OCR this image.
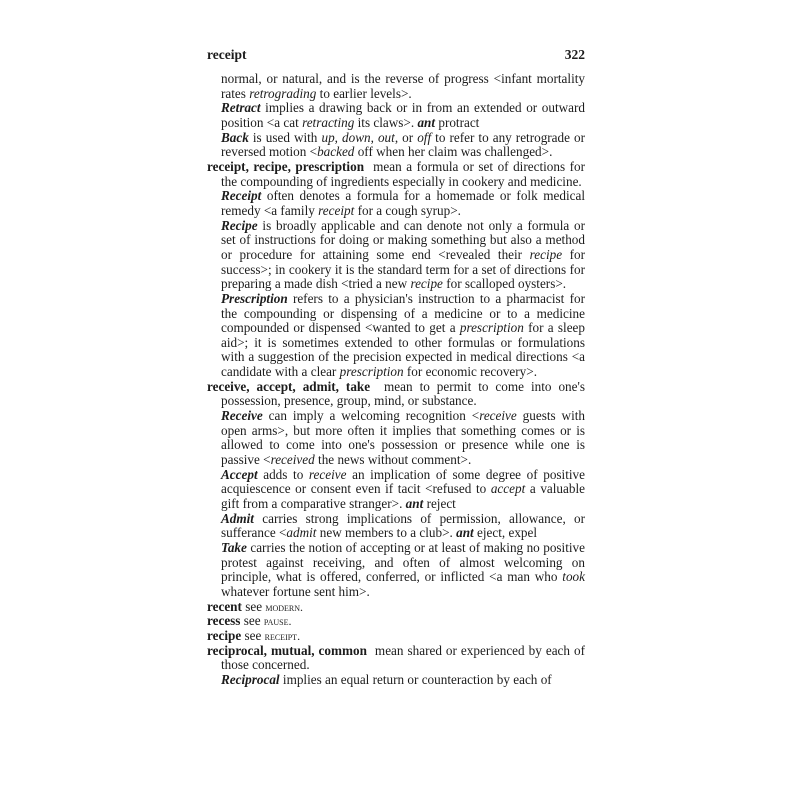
receipt	322

normal, or natural, and is the reverse of progress <infant mortality rates retrograding to earlier levels>.

Retract implies a drawing back or in from an extended or outward position <a cat retracting its claws>. ant protract

Back is used with up, down, out, or off to refer to any retrograde or reversed motion <backed off when her claim was challenged>.

receipt, recipe, prescription  mean a formula or set of directions for the compounding of ingredients especially in cookery and medicine.

Receipt often denotes a formula for a homemade or folk medical remedy <a family receipt for a cough syrup>.

Recipe is broadly applicable and can denote not only a formula or set of instructions for doing or making something but also a method or procedure for attaining some end <revealed their recipe for success>; in cookery it is the standard term for a set of directions for preparing a made dish <tried a new recipe for scalloped oysters>.

Prescription refers to a physician's instruction to a pharmacist for the compounding or dispensing of a medicine or to a medicine compounded or dispensed <wanted to get a prescription for a sleep aid>; it is sometimes extended to other formulas or formulations with a suggestion of the precision expected in medical directions <a candidate with a clear prescription for economic recovery>.

receive, accept, admit, take  mean to permit to come into one's possession, presence, group, mind, or substance.

Receive can imply a welcoming recognition <receive guests with open arms>, but more often it implies that something comes or is allowed to come into one's possession or presence while one is passive <received the news without comment>.

Accept adds to receive an implication of some degree of positive acquiescence or consent even if tacit <refused to accept a valuable gift from a comparative stranger>. ant reject

Admit carries strong implications of permission, allowance, or sufferance <admit new members to a club>. ant eject, expel

Take carries the notion of accepting or at least of making no positive protest against receiving, and often of almost welcoming on principle, what is offered, conferred, or inflicted <a man who took whatever fortune sent him>.

recent see modern.

recess see pause.

recipe see receipt.

reciprocal, mutual, common  mean shared or experienced by each of those concerned.

Reciprocal implies an equal return or counteraction by each of
